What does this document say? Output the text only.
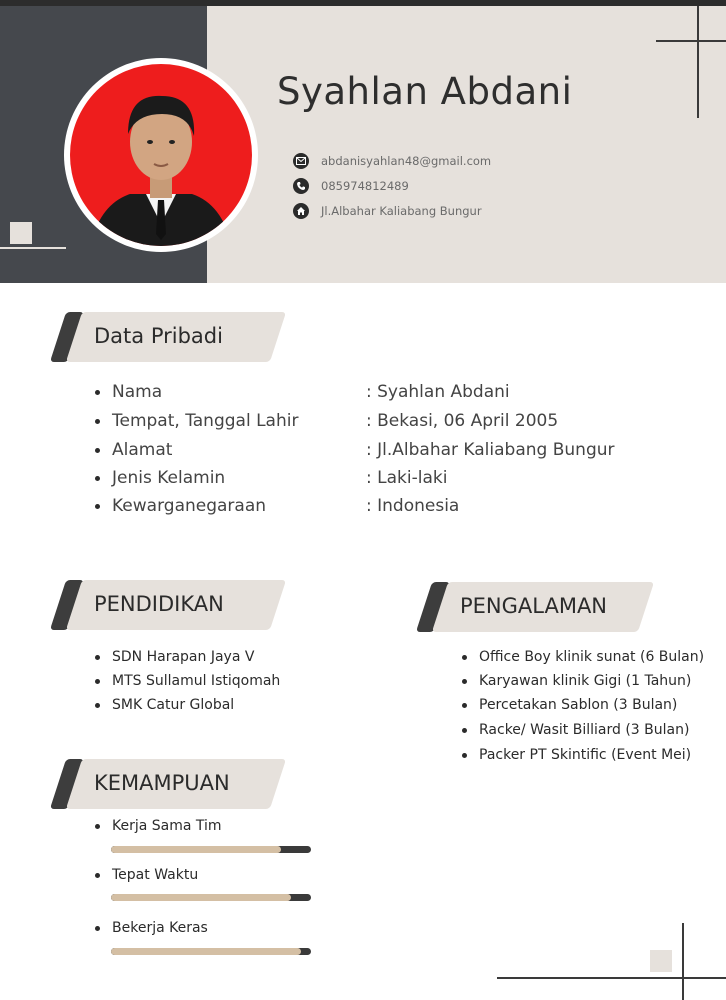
Syahlan Abdani
abdanisyahlan48@gmail.com
085974812489
Jl.Albahar Kaliabang Bungur
Data Pribadi
Nama
Tempat, Tanggal Lahir
Alamat
Jenis Kelamin
Kewarganegaraan
: Syahlan Abdani
: Bekasi, 06 April 2005
: Jl.Albahar Kaliabang Bungur
: Laki-laki
: Indonesia
PENDIDIKAN
SDN Harapan Jaya V
MTS Sullamul Istiqomah
SMK Catur Global
PENGALAMAN
Office Boy klinik sunat (6 Bulan)
Karyawan klinik Gigi (1 Tahun)
Percetakan Sablon (3 Bulan)
Racke/ Wasit Billiard (3 Bulan)
Packer PT Skintific (Event Mei)
KEMAMPUAN
Kerja Sama Tim
Tepat Waktu
Bekerja Keras
